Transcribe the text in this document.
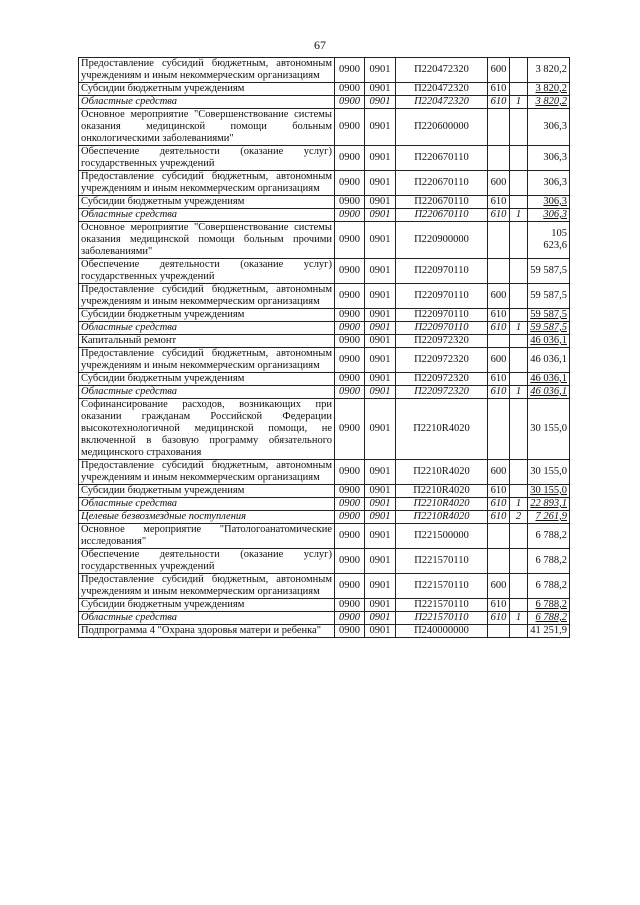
67
Предоставление субсидий бюджетным, автономным учреждениям и иным некоммерческим организациям	0900	0901	П220472320	600		3 820,2
Субсидии бюджетным учреждениям	0900	0901	П220472320	610		3 820,2
Областные средства	0900	0901	П220472320	610	1	3 820,2
Основное мероприятие "Совершенствование системы оказания медицинской помощи больным онкологическими заболеваниями"	0900	0901	П220600000			306,3
Обеспечение деятельности (оказание услуг) государственных учреждений	0900	0901	П220670110			306,3
Предоставление субсидий бюджетным, автономным учреждениям и иным некоммерческим организациям	0900	0901	П220670110	600		306,3
Субсидии бюджетным учреждениям	0900	0901	П220670110	610		306,3
Областные средства	0900	0901	П220670110	610	1	306,3
Основное мероприятие "Совершенствование системы оказания медицинской помощи больным прочими заболеваниями"	0900	0901	П220900000			105 623,6
Обеспечение деятельности (оказание услуг) государственных учреждений	0900	0901	П220970110			59 587,5
Предоставление субсидий бюджетным, автономным учреждениям и иным некоммерческим организациям	0900	0901	П220970110	600		59 587,5
Субсидии бюджетным учреждениям	0900	0901	П220970110	610		59 587,5
Областные средства	0900	0901	П220970110	610	1	59 587,5
Капитальный ремонт	0900	0901	П220972320			46 036,1
Предоставление субсидий бюджетным, автономным учреждениям и иным некоммерческим организациям	0900	0901	П220972320	600		46 036,1
Субсидии бюджетным учреждениям	0900	0901	П220972320	610		46 036,1
Областные средства	0900	0901	П220972320	610	1	46 036,1
Софинансирование расходов, возникающих при оказании гражданам Российской Федерации высокотехнологичной медицинской помощи, не включенной в базовую программу обязательного медицинского страхования	0900	0901	П2210R4020			30 155,0
Предоставление субсидий бюджетным, автономным учреждениям и иным некоммерческим организациям	0900	0901	П2210R4020	600		30 155,0
Субсидии бюджетным учреждениям	0900	0901	П2210R4020	610		30 155,0
Областные средства	0900	0901	П2210R4020	610	1	22 893,1
Целевые безвозмездные поступления	0900	0901	П2210R4020	610	2	7 261,9
Основное мероприятие "Патологоанатомические исследования"	0900	0901	П221500000			6 788,2
Обеспечение деятельности (оказание услуг) государственных учреждений	0900	0901	П221570110			6 788,2
Предоставление субсидий бюджетным, автономным учреждениям и иным некоммерческим организациям	0900	0901	П221570110	600		6 788,2
Субсидии бюджетным учреждениям	0900	0901	П221570110	610		6 788,2
Областные средства	0900	0901	П221570110	610	1	6 788,2
Подпрограмма 4 "Охрана здоровья матери и ребенка"	0900	0901	П240000000			41 251,9
